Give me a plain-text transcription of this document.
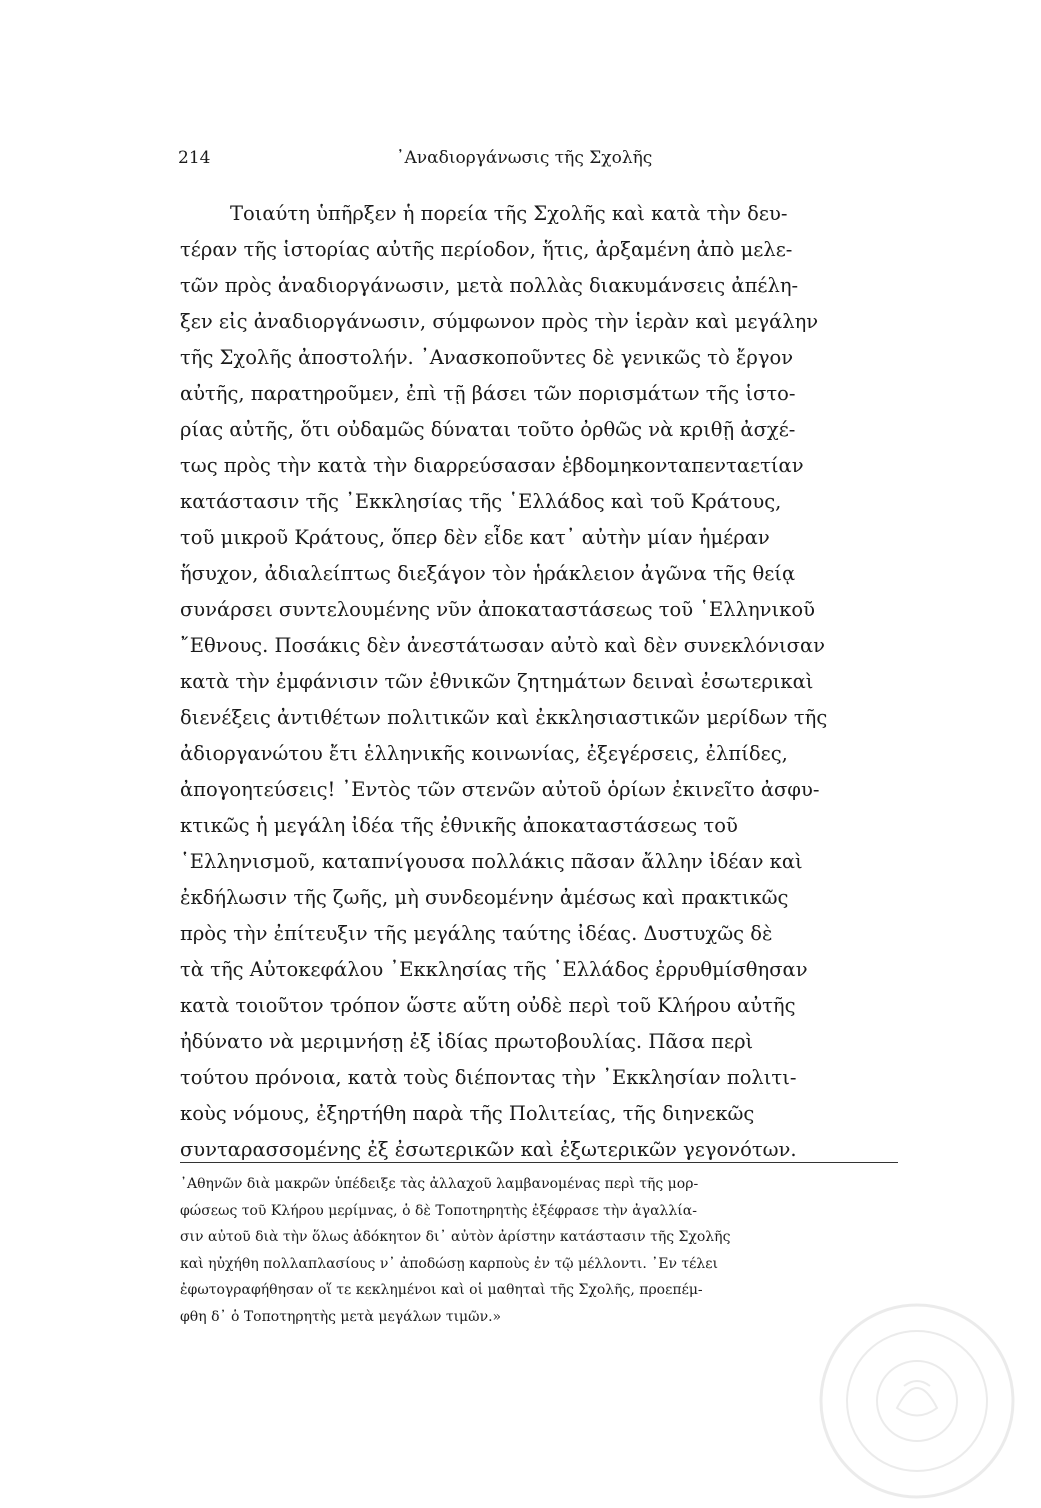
214	᾿Αναδιοργάνωσις τῆς Σχολῆς
Τοιαύτη ὑπῆρξεν ἡ πορεία τῆς Σχολῆς καὶ κατὰ τὴν δευ-
τέραν τῆς ἱστορίας αὐτῆς περίοδον, ἥτις, ἀρξαμένη ἀπὸ μελε-
τῶν πρὸς ἀναδιοργάνωσιν, μετὰ πολλὰς διακυμάνσεις ἀπέλη-
ξεν εἰς ἀναδιοργάνωσιν, σύμφωνον πρὸς τὴν ἱερὰν καὶ μεγάλην
τῆς Σχολῆς ἀποστολήν. ᾿Ανασκοποῦντες δὲ γενικῶς τὸ ἔργον
αὐτῆς, παρατηροῦμεν, ἐπὶ τῇ βάσει τῶν πορισμάτων τῆς ἱστο-
ρίας αὐτῆς, ὅτι οὐδαμῶς δύναται τοῦτο ὀρθῶς νὰ κριθῇ ἀσχέ-
τως πρὸς τὴν κατὰ τὴν διαρρεύσασαν ἑβδομηκονταπενταετίαν
κατάστασιν τῆς ᾿Εκκλησίας τῆς ῾Ελλάδος καὶ τοῦ Κράτους,
τοῦ μικροῦ Κράτους, ὅπερ δὲν εἶδε κατ᾿ αὐτὴν μίαν ἡμέραν
ἥσυχον, ἀδιαλείπτως διεξάγον τὸν ἡράκλειον ἀγῶνα τῆς θείᾳ
συνάρσει συντελουμένης νῦν ἀποκαταστάσεως τοῦ ῾Ελληνικοῦ
῎Εθνους. Ποσάκις δὲν ἀνεστάτωσαν αὐτὸ καὶ δὲν συνεκλόνισαν
κατὰ τὴν ἐμφάνισιν τῶν ἐθνικῶν ζητημάτων δειναὶ ἐσωτερικαὶ
διενέξεις ἀντιθέτων πολιτικῶν καὶ ἐκκλησιαστικῶν μερίδων τῆς
ἀδιοργανώτου ἔτι ἑλληνικῆς κοινωνίας, ἐξεγέρσεις, ἐλπίδες,
ἀπογοητεύσεις! ᾿Εντὸς τῶν στενῶν αὐτοῦ ὁρίων ἐκινεῖτο ἀσφυ-
κτικῶς ἡ μεγάλη ἰδέα τῆς ἐθνικῆς ἀποκαταστάσεως τοῦ
῾Ελληνισμοῦ, καταπνίγουσα πολλάκις πᾶσαν ἄλλην ἰδέαν καὶ
ἐκδήλωσιν τῆς ζωῆς, μὴ συνδεομένην ἀμέσως καὶ πρακτικῶς
πρὸς τὴν ἐπίτευξιν τῆς μεγάλης ταύτης ἰδέας. Δυστυχῶς δὲ
τὰ τῆς Αὐτοκεφάλου ᾿Εκκλησίας τῆς ῾Ελλάδος ἐρρυθμίσθησαν
κατὰ τοιοῦτον τρόπον ὥστε αὕτη οὐδὲ περὶ τοῦ Κλήρου αὐτῆς
ἠδύνατο νὰ μεριμνήσῃ ἐξ ἰδίας πρωτοβουλίας. Πᾶσα περὶ
τούτου πρόνοια, κατὰ τοὺς διέποντας τὴν ᾿Εκκλησίαν πολιτι-
κοὺς νόμους, ἐξηρτήθη παρὰ τῆς Πολιτείας, τῆς διηνεκῶς
συνταρασσομένης ἐξ ἐσωτερικῶν καὶ ἐξωτερικῶν γεγονότων.
᾿Αθηνῶν διὰ μακρῶν ὑπέδειξε τὰς ἀλλαχοῦ λαμβανομένας περὶ τῆς μορ-
φώσεως τοῦ Κλήρου μερίμνας, ὁ δὲ Τοποτηρητὴς ἐξέφρασε τὴν ἀγαλλία-
σιν αὐτοῦ διὰ τὴν ὅλως ἀδόκητον δι᾿ αὐτὸν ἀρίστην κατάστασιν τῆς Σχολῆς
καὶ ηὐχήθη πολλαπλασίους ν᾿ ἀποδώσῃ καρποὺς ἐν τῷ μέλλοντι. ᾿Εν τέλει
ἐφωτογραφήθησαν οἵ τε κεκλημένοι καὶ οἱ μαθηταὶ τῆς Σχολῆς, προεπέμ-
φθη δ᾿ ὁ Τοποτηρητὴς μετὰ μεγάλων τιμῶν.»
